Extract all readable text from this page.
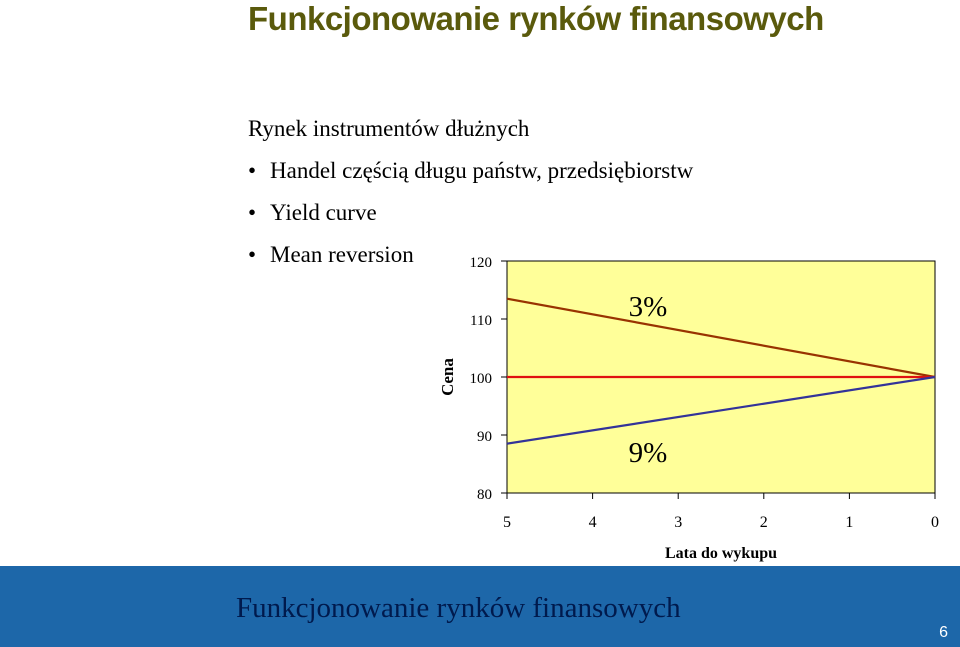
Funkcjonowanie rynków finansowych
Rynek instrumentów dłużnych
• Handel częścią długu państw, przedsiębiorstw
• Yield curve
• Mean reversion	120
110
100
90
80
5	4	3	2	1	0
3%
9%
Cena
Lata do wykupu
Funkcjonowanie rynków finansowych
6
